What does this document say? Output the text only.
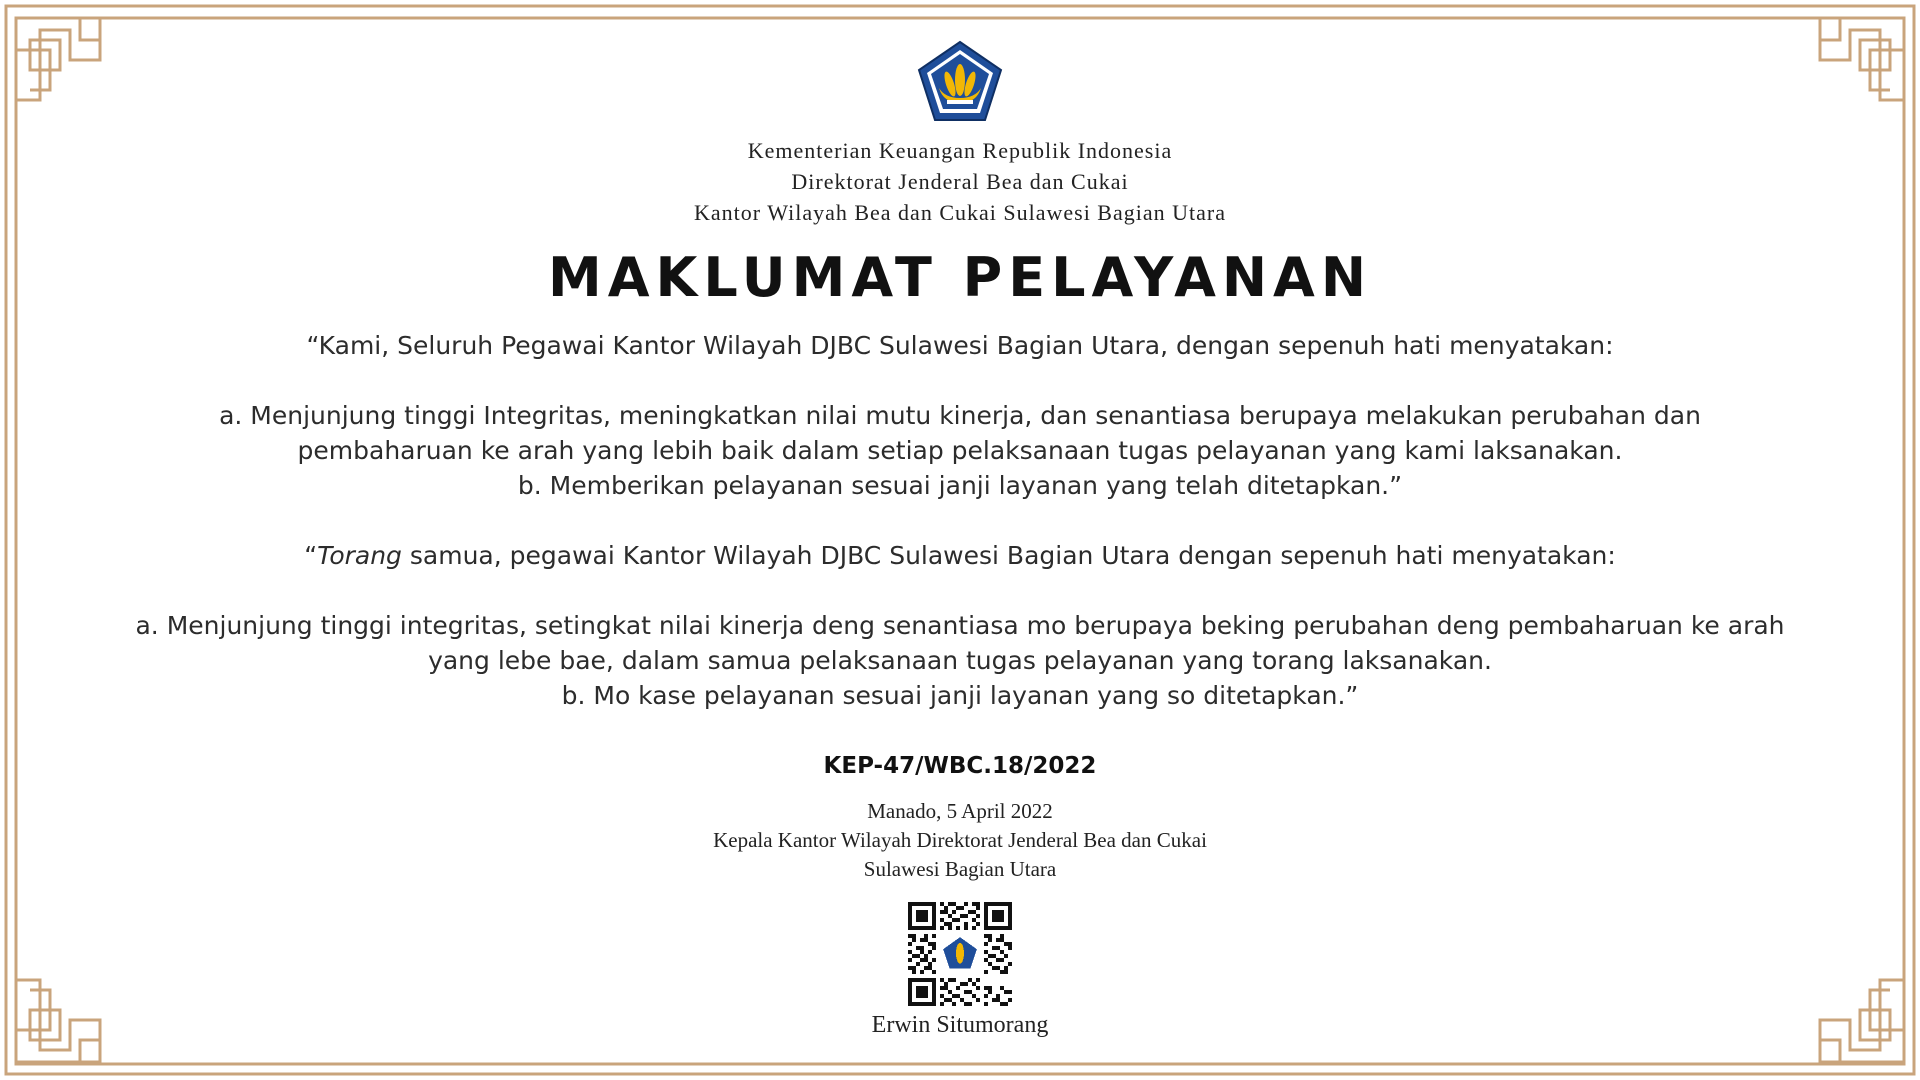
Kementerian Keuangan Republik Indonesia
Direktorat Jenderal Bea dan Cukai
Kantor Wilayah Bea dan Cukai Sulawesi Bagian Utara
MAKLUMAT PELAYANAN
“Kami, Seluruh Pegawai Kantor Wilayah DJBC Sulawesi Bagian Utara, dengan sepenuh hati menyatakan:
a. Menjunjung tinggi Integritas, meningkatkan nilai mutu kinerja, dan senantiasa berupaya melakukan perubahan dan
pembaharuan ke arah yang lebih baik dalam setiap pelaksanaan tugas pelayanan yang kami laksanakan.
b. Memberikan pelayanan sesuai janji layanan yang telah ditetapkan.”
“Torang samua, pegawai Kantor Wilayah DJBC Sulawesi Bagian Utara dengan sepenuh hati menyatakan:
a. Menjunjung tinggi integritas, setingkat nilai kinerja deng senantiasa mo berupaya beking perubahan deng pembaharuan ke arah
yang lebe bae, dalam samua pelaksanaan tugas pelayanan yang torang laksanakan.
b. Mo kase pelayanan sesuai janji layanan yang so ditetapkan.”
KEP-47/WBC.18/2022
Manado, 5 April 2022
Kepala Kantor Wilayah Direktorat Jenderal Bea dan Cukai
Sulawesi Bagian Utara
Erwin Situmorang
